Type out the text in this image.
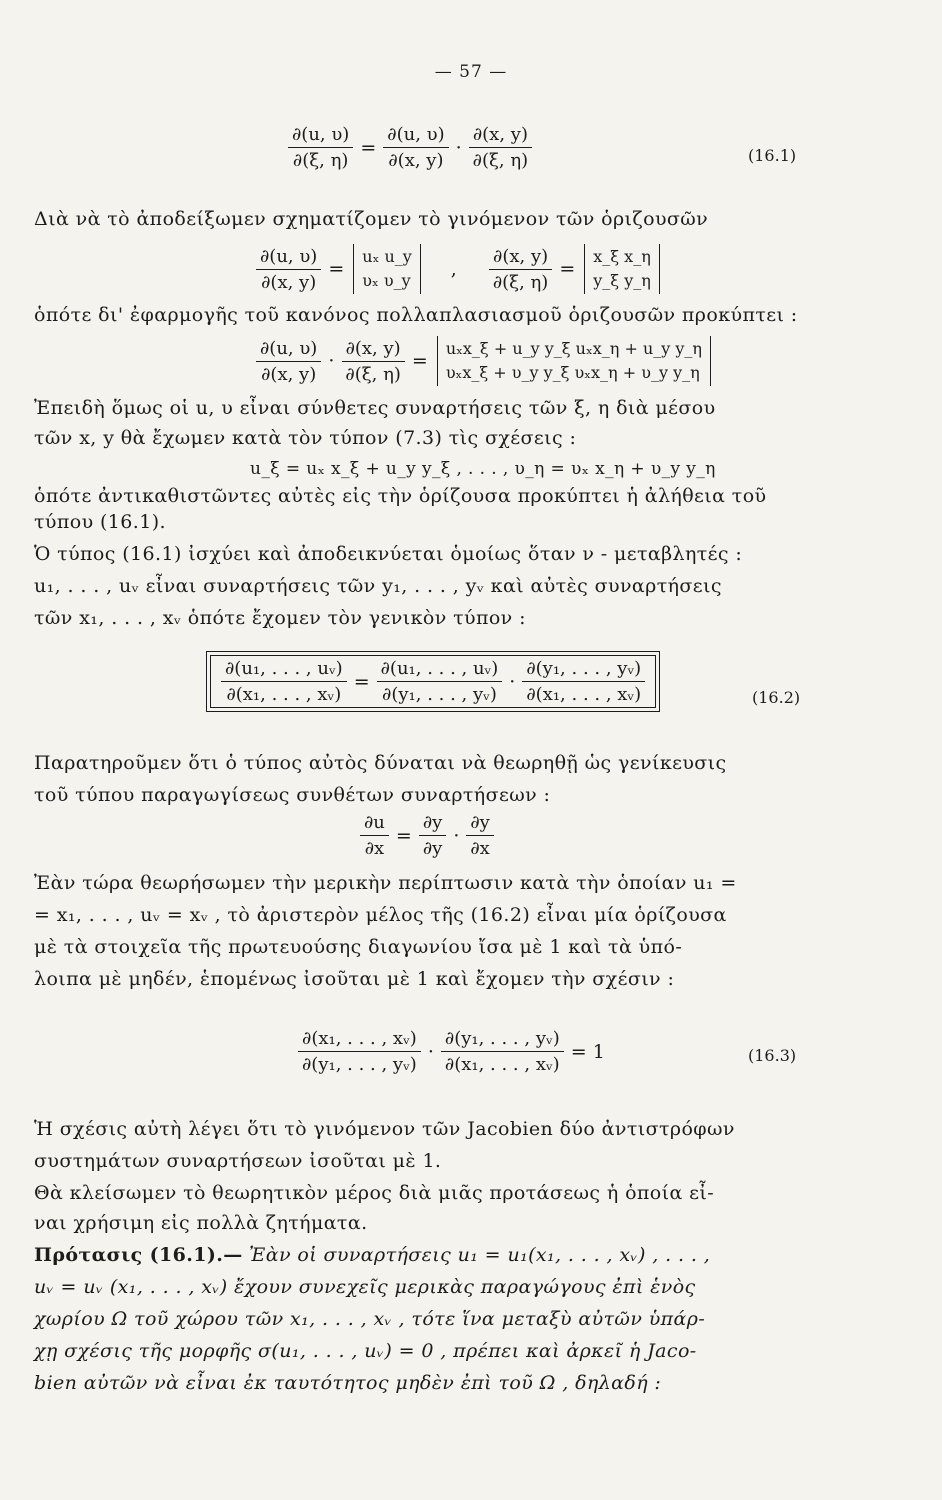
— 57 —
$\frac{\partial(u, \upsilon)}{\partial(\xi, \eta)} = \frac{\partial(u, \upsilon)}{\partial(x, y)} \cdot \frac{\partial(x, y)}{\partial(\xi, \eta)}$	(16.1)
Διὰ νὰ τὸ ἀποδείξωμεν σχηματίζομεν τὸ γινόμενον τῶν ὁριζουσῶν
$\frac{\partial(u, \upsilon)}{\partial(x, y)}$ =
uₓ u_y
υₓ υ_y
, $\frac{\partial(x, y)}{\partial(\xi, \eta)}$ =
x_ξ x_η
y_ξ y_η
ὁπότε δι' ἐφαρμογῆς τοῦ κανόνος πολλαπλασιασμοῦ ὁριζουσῶν προκύπτει :
$\frac{\partial(u, \upsilon)}{\partial(x, y)} \cdot \frac{\partial(x, y)}{\partial(\xi, \eta)}$ =
uₓx_ξ + u_y y_ξ uₓx_η + u_y y_η
υₓx_ξ + υ_y y_ξ υₓx_η + υ_y y_η
Ἐπειδὴ ὅμως οἱ u, υ εἶναι σύνθετες συναρτήσεις τῶν ξ, η διὰ μέσου
τῶν x, y θὰ ἔχωμεν κατὰ τὸν τύπον (7.3) τὶς σχέσεις :
u_ξ = uₓ x_ξ + u_y y_ξ , . . . , υ_η = υₓ x_η + υ_y y_η
ὁπότε ἀντικαθιστῶντες αὐτὲς εἰς τὴν ὁρίζουσα προκύπτει ἡ ἀλήθεια τοῦ
τύπου (16.1).
Ὁ τύπος (16.1) ἰσχύει καὶ ἀποδεικνύεται ὁμοίως ὅταν ν - μεταβλητές :
u₁, . . . , uᵥ εἶναι συναρτήσεις τῶν y₁, . . . , yᵥ καὶ αὐτὲς συναρτήσεις
τῶν x₁, . . . , xᵥ ὁπότε ἔχομεν τὸν γενικὸν τύπον :
$\frac{\text{∂(u₁, . . . , uᵥ)}}{\text{∂(x₁, . . . , xᵥ)}} = \frac{\text{∂(u₁, . . . , uᵥ)}}{\text{∂(y₁, . . . , yᵥ)}} \cdot \frac{\text{∂(y₁, . . . , yᵥ)}}{\text{∂(x₁, . . . , xᵥ)}}$	(16.2)
Παρατηροῦμεν ὅτι ὁ τύπος αὐτὸς δύναται νὰ θεωρηθῇ ὡς γενίκευσις
τοῦ τύπου παραγωγίσεως συνθέτων συναρτήσεων :
$\frac{\partial u}{\partial x} = \frac{\partial y}{\partial y} \cdot \frac{\partial y}{\partial x}$
Ἐὰν τώρα θεωρήσωμεν τὴν μερικὴν περίπτωσιν κατὰ τὴν ὁποίαν u₁ =
= x₁, . . . , uᵥ = xᵥ , τὸ ἀριστερὸν μέλος τῆς (16.2) εἶναι μία ὁρίζουσα
μὲ τὰ στοιχεῖα τῆς πρωτευούσης διαγωνίου ἴσα μὲ 1 καὶ τὰ ὑπό-
λοιπα μὲ μηδέν, ἑπομένως ἰσοῦται μὲ 1 καὶ ἔχομεν τὴν σχέσιν :
$\frac{\text{∂(x₁, . . . , xᵥ)}}{\text{∂(y₁, . . . , yᵥ)}} \cdot \frac{\text{∂(y₁, . . . , yᵥ)}}{\text{∂(x₁, . . . , xᵥ)}} = 1$	(16.3)
Ἡ σχέσις αὐτὴ λέγει ὅτι τὸ γινόμενον τῶν Jacobien δύο ἀντιστρόφων
συστημάτων συναρτήσεων ἰσοῦται μὲ 1.
Θὰ κλείσωμεν τὸ θεωρητικὸν μέρος διὰ μιᾶς προτάσεως ἡ ὁποία εἶ-
ναι χρήσιμη εἰς πολλὰ ζητήματα.
Πρότασις (16.1).— Ἐὰν οἱ συναρτήσεις u₁ = u₁(x₁, . . . , xᵥ) , . . . ,
uᵥ = uᵥ (x₁, . . . , xᵥ) ἔχουν συνεχεῖς μερικὰς παραγώγους ἐπὶ ἑνὸς
χωρίου Ω τοῦ χώρου τῶν x₁, . . . , xᵥ , τότε ἵνα μεταξὺ αὐτῶν ὑπάρ-
χῃ σχέσις τῆς μορφῆς σ(u₁, . . . , uᵥ) = 0 , πρέπει καὶ ἀρκεῖ ἡ Jaco-
bien αὐτῶν νὰ εἶναι ἐκ ταυτότητος μηδὲν ἐπὶ τοῦ Ω , δηλαδή :
